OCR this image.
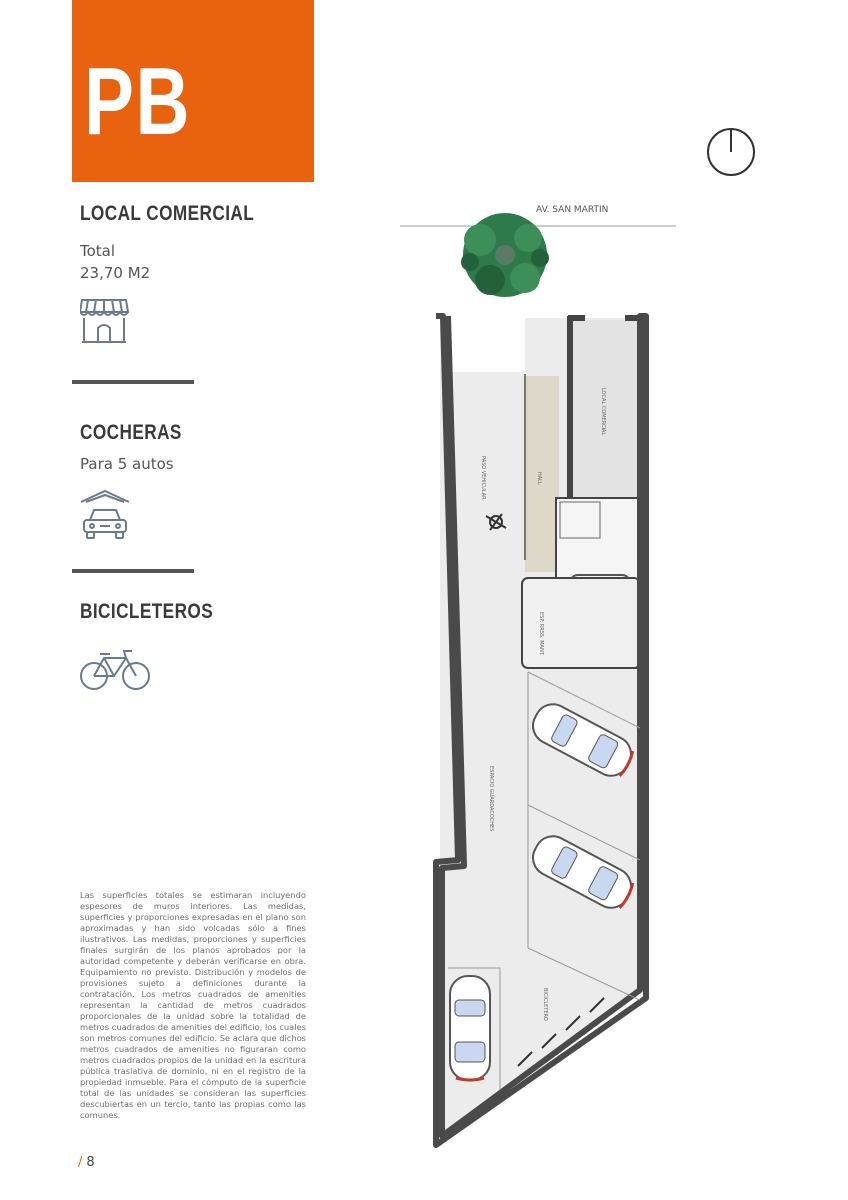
PB
LOCAL COMERCIAL
Total
23,70 M2
COCHERAS
Para 5 autos
BICICLETEROS
Las superficies totales se estimaran incluyendo espesores de muros interiores. Las medidas, superficies y proporciones expresadas en el plano son aproximadas y han sido volcadas sólo a fines ilustrativos. Las medidas, proporciones y superficies finales surgirán de los planos aprobados por la autoridad competente y deberán verificarse en obra. Equipamiento no previsto. Distribución y modelos de provisiones sujeto a definiciones durante la contratación. Los metros cuadrados de amenities representan la cantidad de metros cuadrados proporcionales de la unidad sobre la totalidad de metros cuadrados de amenities del edificio, los cuales son metros comunes del edificio. Se aclara que dichos metros cuadrados de amenities no figuraran como metros cuadrados propios de la unidad en la escritura pública traslativa de dominio, ni en el registro de la propiedad inmueble. Para el cómputo de la superficie total de las unidades se consideran las superficies descubiertas en un tercio, tanto las propias como las comunes.
/ 8
AV. SAN MARTIN
LOCAL COMERCIAL
PASO VEHICULAR	HALL
ESP. RRSS. MANT.
ESPACIO GUARDACOCHES
BICICLETERO
